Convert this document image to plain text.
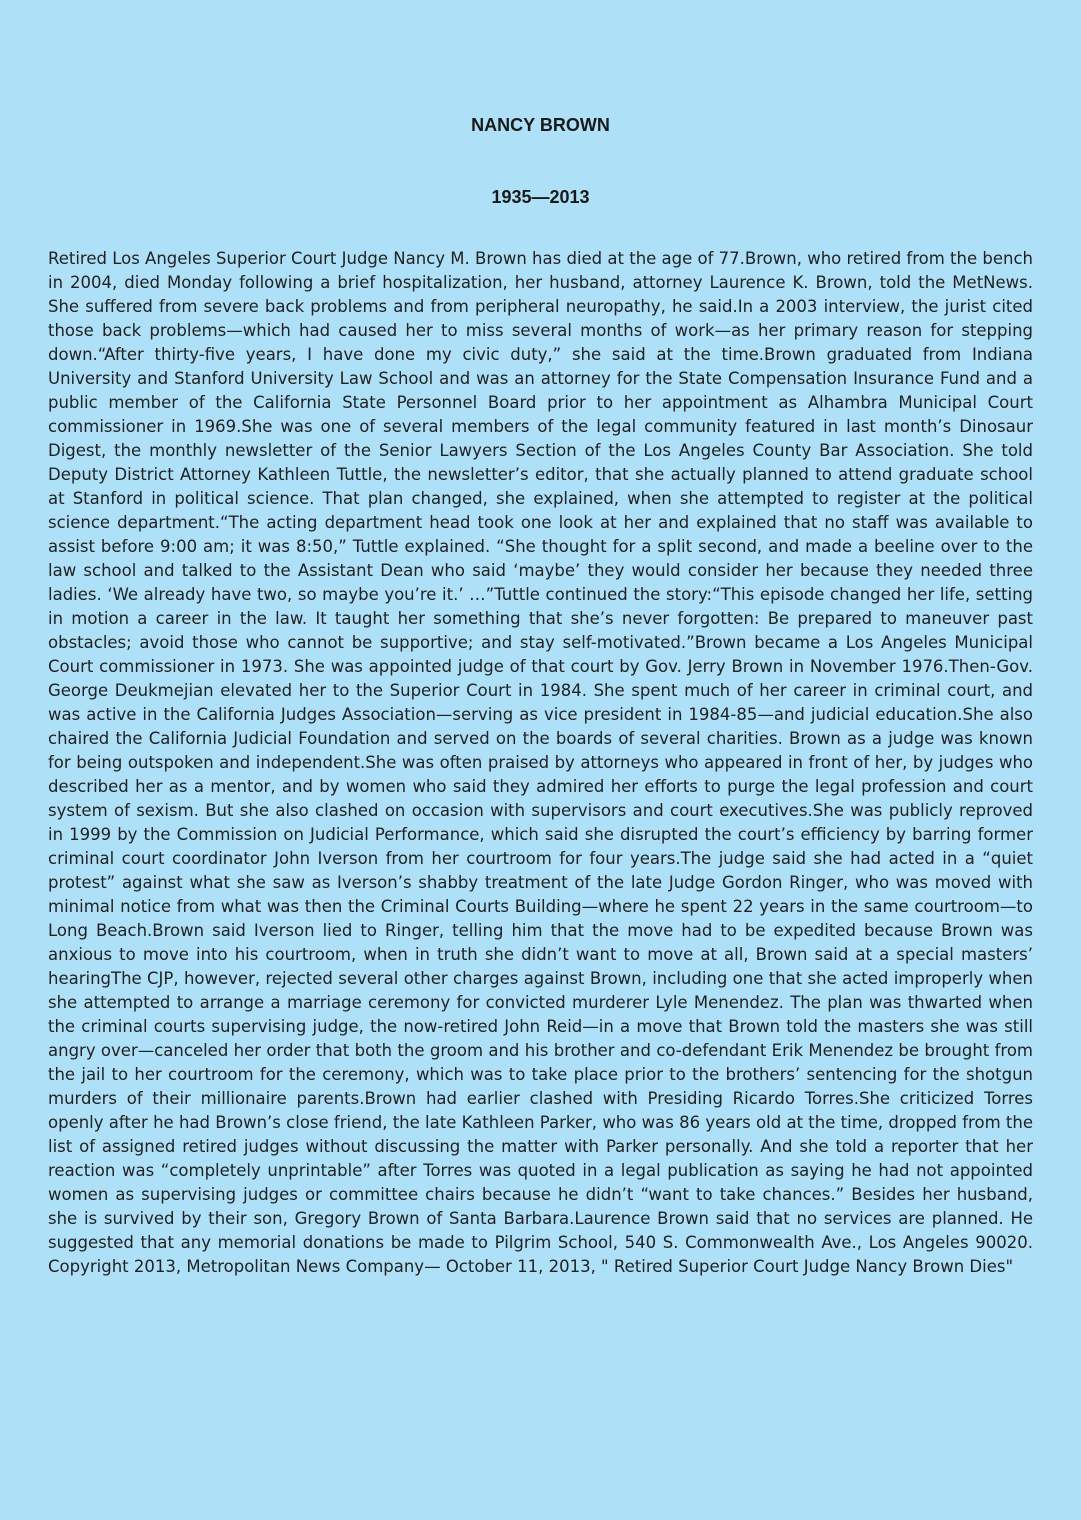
NANCY BROWN
1935—2013

Retired Los Angeles Superior Court Judge Nancy M. Brown has died at the age of 77.Brown, who retired from the bench in 2004, died Monday following a brief hospitalization, her husband, attorney Laurence K. Brown, told the MetNews. She suffered from severe back problems and from peripheral neuropathy, he said.In a 2003 interview, the jurist cited those back problems—which had caused her to miss several months of work—as her primary reason for stepping down.“After thirty-five years, I have done my civic duty,” she said at the time.Brown graduated from Indiana University and Stanford University Law School and was an attorney for the State Compensation Insurance Fund and a public member of the California State Personnel Board prior to her appointment as Alhambra Municipal Court commissioner in 1969.She was one of several members of the legal community featured in last month’s Dinosaur Digest, the monthly newsletter of the Senior Lawyers Section of the Los Angeles County Bar Association. She told Deputy District Attorney Kathleen Tuttle, the newsletter’s editor, that she actually planned to attend graduate school at Stanford in political science. That plan changed, she explained, when she attempted to register at the political science department.“The acting department head took one look at her and explained that no staff was available to assist before 9:00 am; it was 8:50,” Tuttle explained. “She thought for a split second, and made a beeline over to the law school and talked to the Assistant Dean who said ‘maybe’ they would consider her because they needed three ladies. ‘We already have two, so maybe you’re it.’ …”Tuttle continued the story:“This episode changed her life, setting in motion a career in the law. It taught her something that she’s never forgotten: Be prepared to maneuver past obstacles; avoid those who cannot be supportive; and stay self-motivated.”Brown became a Los Angeles Municipal Court commissioner in 1973. She was appointed judge of that court by Gov. Jerry Brown in November 1976.Then-Gov. George Deukmejian elevated her to the Superior Court in 1984. She spent much of her career in criminal court, and was active in the California Judges Association—serving as vice president in 1984-85—and judicial education.She also chaired the California Judicial Foundation and served on the boards of several charities. Brown as a judge was known for being outspoken and independent.She was often praised by attorneys who appeared in front of her, by judges who described her as a mentor, and by women who said they admired her efforts to purge the legal profession and court system of sexism. But she also clashed on occasion with supervisors and court executives.She was publicly reproved in 1999 by the Commission on Judicial Performance, which said she disrupted the court’s efficiency by barring former criminal court coordinator John Iverson from her courtroom for four years.The judge said she had acted in a “quiet protest” against what she saw as Iverson’s shabby treatment of the late Judge Gordon Ringer, who was moved with minimal notice from what was then the Criminal Courts Building—where he spent 22 years in the same courtroom—to Long Beach.Brown said Iverson lied to Ringer, telling him that the move had to be expedited because Brown was anxious to move into his courtroom, when in truth she didn’t want to move at all, Brown said at a special masters’ hearingThe CJP, however, rejected several other charges against Brown, including one that she acted improperly when she attempted to arrange a marriage ceremony for convicted murderer Lyle Menendez. The plan was thwarted when the criminal courts supervising judge, the now-retired John Reid—in a move that Brown told the masters she was still angry over—canceled her order that both the groom and his brother and co-defendant Erik Menendez be brought from the jail to her courtroom for the ceremony, which was to take place prior to the brothers’ sentencing for the shotgun murders of their millionaire parents.Brown had earlier clashed with Presiding Ricardo Torres.She criticized Torres openly after he had Brown’s close friend, the late Kathleen Parker, who was 86 years old at the time, dropped from the list of assigned retired judges without discussing the matter with Parker personally. And she told a reporter that her reaction was “completely unprintable” after Torres was quoted in a legal publication as saying he had not appointed women as supervising judges or committee chairs because he didn’t “want to take chances.” Besides her husband, she is survived by their son, Gregory Brown of Santa Barbara.Laurence Brown said that no services are planned. He suggested that any memorial donations be made to Pilgrim School, 540 S. Commonwealth Ave., Los Angeles 90020. Copyright 2013, Metropolitan News Company— October 11, 2013, " Retired Superior Court Judge Nancy Brown Dies"
